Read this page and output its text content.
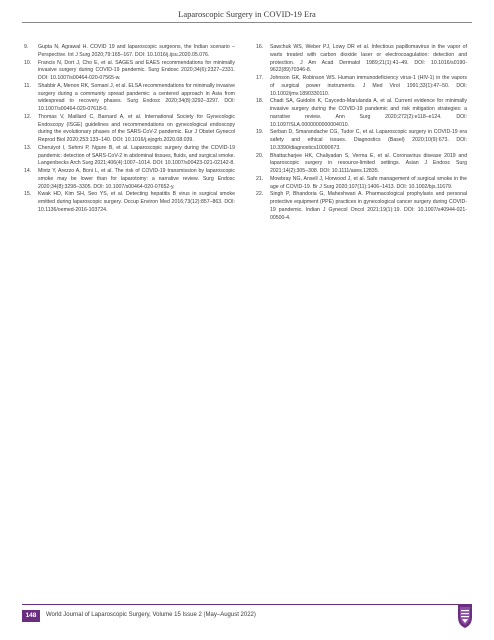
Laparoscopic Surgery in COVID-19 Era

9.	Gupta N, Agrawal H. COVID 19 and laparoscopic surgeons, the Indian scenario – Perspective. Int J Surg 2020;79:165–167. DOI: 10.1016/j.ijsu.2020.05.076.

10.	Francis N, Dort J, Cho E, et al. SAGES and EAES recommendations for minimally invasive surgery during COVID-19 pandemic. Surg Endosc 2020;34(6):2327–2331. DOI: 10.1007/s00464-020-07565-w.

11.	Shabbir A, Menon RK, Somani J, et al. ELSA recommendations for minimally invasive surgery during a community spread pandemic: a centered approach in Asia from widespread to recovery phases. Surg Endosc 2020;34(8):3292–3297. DOI: 10.1007/s00464-020-07618-0.

12.	Thomas V, Maillard C, Barnard A, et al. International Society for Gynecologic Endoscopy (ISGE) guidelines and recommendations on gynecological endoscopy during the evolutionary phases of the SARS-CoV-2 pandemic. Eur J Obstet Gynecol Reprod Biol 2020;253:133–140. DOI: 10.1016/j.ejogrb.2020.08.039.

13.	Cheruiyot I, Sehmi P, Ngure B, et al. Laparoscopic surgery during the COVID-19 pandemic: detection of SARS-CoV-2 in abdominal tissues, fluids, and surgical smoke. Langenbecks Arch Surg 2021;406(4):1007–1014. DOI: 10.1007/s00423-021-02142-8.

14.	Mintz Y, Arezzo A, Boni L, et al. The risk of COVID-19 transmission by laparoscopic smoke may be lower than for laparotomy: a narrative review. Surg Endosc 2020;34(8):3298–3305. DOI: 10.1007/s00464-020-07652-y.

15.	Kwak HD, Kim SH, Seo YS, et al. Detecting hepatitis B virus in surgical smoke emitted during laparoscopic surgery. Occup Environ Med 2016;73(12):857–863. DOI: 10.1136/oemed-2016-103724.

16.	Sawchuk WS, Weber PJ, Lowy DR et al. Infectious papillomavirus in the vapor of warts treated with carbon dioxide laser or electrocoagulation: detection and protection. J Am Acad Dermatol 1989;21(1):41–49. DOI: 10.1016/s0190-9622(89)70346-8.

17.	Johnson GK, Robinson WS. Human immunodeficiency virus-1 (HIV-1) in the vapors of surgical power instruments. J Med Virol 1991;33(1):47–50. DOI: 10.1002/jmv.1890330110.

18.	Chadi SA, Guidolin K, Caycedo-Marulanda A, et al. Current evidence for minimally invasive surgery during the COVID-19 pandemic and risk mitigation strategies: a narrative review. Ann Surg 2020;272(2):e118–e124. DOI: 10.1097/SLA.0000000000004010.

19.	Serban D, Smarandache CG, Tudor C, et al. Laparoscopic surgery in COVID-19 era safety and ethical issues. Diagnostics (Basel) 2020;10(9):673. DOI: 10.3390/diagnostics10090673.

20.	Bhattacharjee HK, Chaliyadan S, Verma E, et al. Coronavirus disease 2019 and laparoscopic surgery in resource-limited settings. Asian J Endosc Surg 2021;14(2):305–308. DOI: 10.1111/ases.12835.

21.	Mowbray NG, Ansell J, Horwood J, et al. Safe management of surgical smoke in the age of COVID-19. Br J Surg 2020;107(11):1406–1413. DOI: 10.1002/bjs.11679.

22.	Singh P, Bhandoria G, Maheshwari A. Pharmacological prophylaxis and personal protective equipment (PPE) practices in gynecological cancer surgery during COVID-19 pandemic. Indian J Gynecol Oncol 2021;19(1):19. DOI: 10.1007/s40944-021-00500-4.

148	World Journal of Laparoscopic Surgery, Volume 15 Issue 2 (May–August 2022)
